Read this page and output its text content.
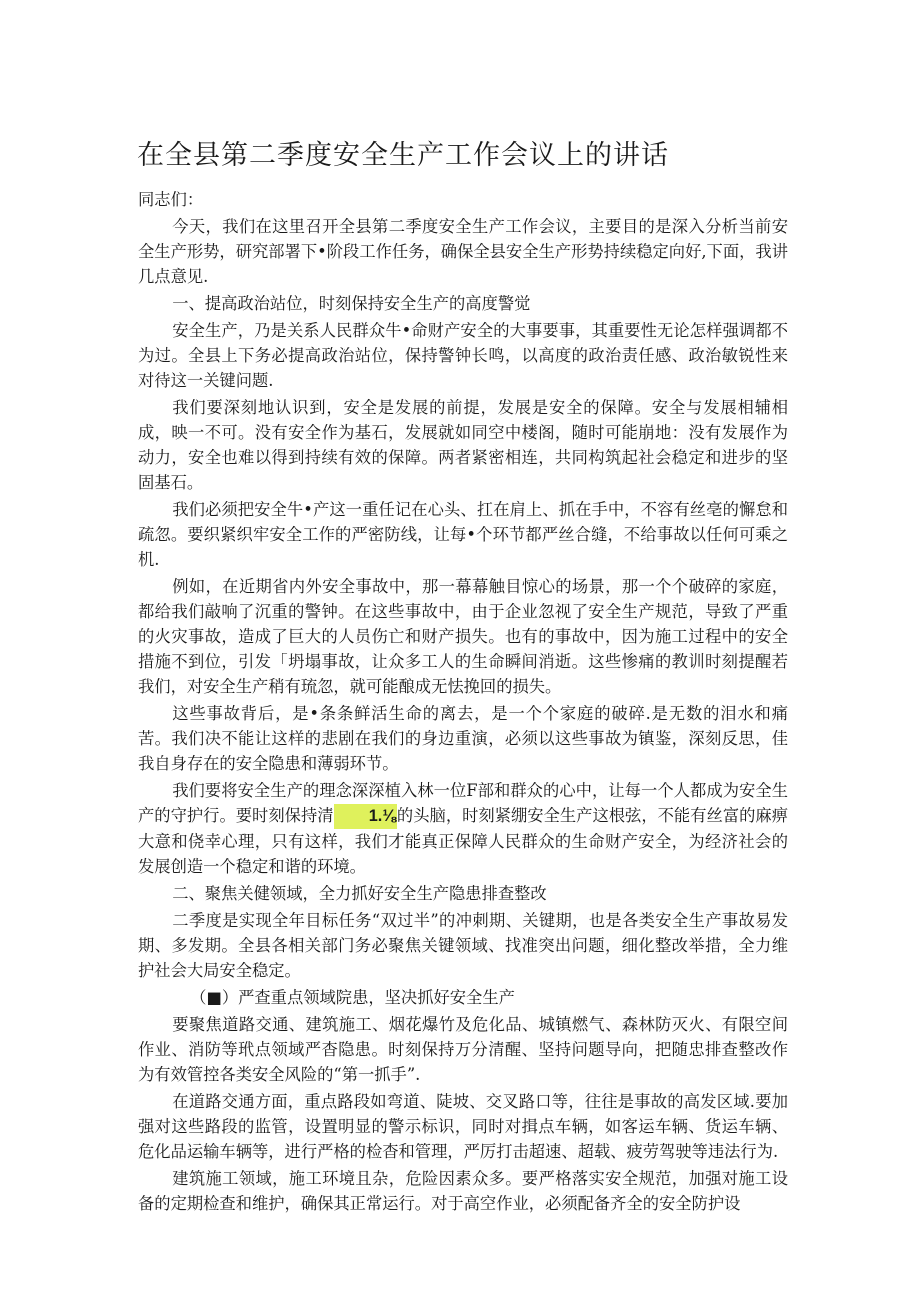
在全县第二季度安全生产工作会议上的讲话

同志们：

今天，我们在这里召开全县第二季度安全生产工作会议，主要目的是深入分析当前安全生产形势，研究部署下•阶段工作任务，确保全县安全生产形势持续稳定向好,下面，我讲几点意见.

一、提高政治站位，时刻保持安全生产的高度警觉

安全生产，乃是关系人民群众牛•命财产安全的大事要事，其重要性无论怎样强调都不为过。全县上下务必提高政治站位，保持警钟长鸣，以高度的政治责任感、政治敏锐性来对待这一关键问题.

我们要深刻地认识到，安全是发展的前提，发展是安全的保障。安全与发展相辅相成，映一不可。没有安全作为基石，发展就如同空中楼阁，随时可能崩地：没有发展作为动力，安全也难以得到持续有效的保障。两者紧密相连，共同构筑起社会稳定和进步的坚固基石。

我们必须把安全牛•产这一重任记在心头、扛在肩上、抓在手中，不容有丝亳的懈怠和疏忽。要织紧织牢安全工作的严密防线，让每•个环节都严丝合缝，不给事故以任何可乘之机.

例如，在近期省内外安全事故中，那一幕幕触目惊心的场景，那一个个破碎的家庭，都给我们敲响了沉重的警钟。在这些事故中，由于企业忽视了安全生产规范，导致了严重的火灾事故，造成了巨大的人员伤亡和财产损失。也有的事故中，因为施工过程中的安全措施不到位，引发「坍塌事故，让众多工人的生命瞬间消逝。这些惨痛的教训时刻提醒若我们，对安全生产稍有琉忽，就可能酿成无怯挽回的损失。

这些事故背后，是•条条鲜活生命的离去，是一个个家庭的破碎.是无数的泪水和痛苦。我们决不能让这样的悲剧在我们的身边重演，必须以这些事故为镇鉴，深刻反思，佳我自身存在的安全隐患和薄弱环节。

我们要将安全生产的理念深深植入林一位F部和群众的心中，让每一个人都成为安全生产的守护行。要时刻保持清 1.⅛的头脑，时刻紧绷安全生产这根弦，不能有丝富的麻痹大意和侥幸心理，只有这样，我们才能真正保障人民群众的生命财产安全，为经济社会的发展创造一个稳定和谐的环境。

二、聚焦关健领域，全力抓好安全生产隐患排查整改

二季度是实现全年目标任务“双过半”的冲刺期、关键期，也是各类安全生产事故易发期、多发期。全县各相关部门务必聚焦关键领域、找准突出问题，细化整改举措，全力维护社会大局安全稳定。

（■）严查重点领域院患，坚决抓好安全生产

要聚焦道路交通、建筑施工、烟花爆竹及危化品、城镇燃气、森林防灭火、有限空间作业、消防等玳点领域严杳隐患。时刻保持万分清醒、坚持问题导向，把随忠排查整改作为有效管控各类安全风险的“第一抓手”.

在道路交通方面，重点路段如弯道、陡坡、交叉路口等，往往是事故的高发区域.要加强对这些路段的监管，设置明显的警示标识，同时对揖点车辆，如客运车辆、货运车辆、危化品运输车辆等，进行严格的检杳和管理，严厉打击超速、超载、疲劳驾驶等违法行为.

建筑施工领域，施工环境且杂，危险因素众多。要严格落实安全规范，加强对施工设备的定期检查和维护，确保其正常运行。对于高空作业，必须配备齐全的安全防护设
